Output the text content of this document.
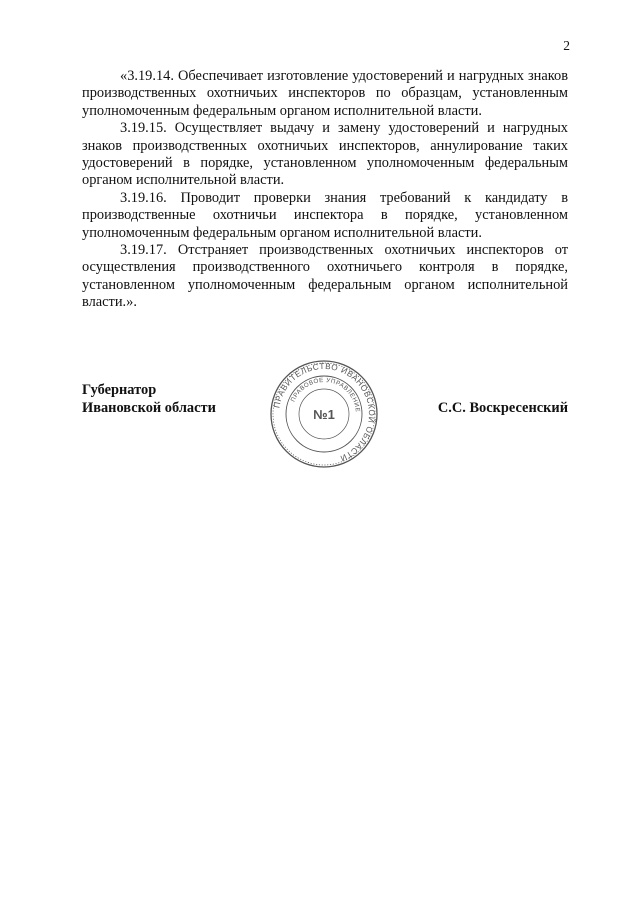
2

«3.19.14. Обеспечивает изготовление удостоверений и нагрудных знаков производственных охотничьих инспекторов по образцам, установленным уполномоченным федеральным органом исполнительной власти.

3.19.15. Осуществляет выдачу и замену удостоверений и нагрудных знаков производственных охотничьих инспекторов, аннулирование таких удостоверений в порядке, установленном уполномоченным федеральным органом исполнительной власти.

3.19.16. Проводит проверки знания требований к кандидату в производственные охотничьи инспектора в порядке, установленном уполномоченным федеральным органом исполнительной власти.

3.19.17. Отстраняет производственных охотничьих инспекторов от осуществления производственного охотничьего контроля в порядке, установленном уполномоченным федеральным органом исполнительной власти.».

Губернатор
Ивановской области	ПРАВИТЕЛЬСТВО ИВАНОВСКОЙ ОБЛАСТИ
ПРАВОВОЕ УПРАВЛЕНИЕ
№1	С.С. Воскресенский
